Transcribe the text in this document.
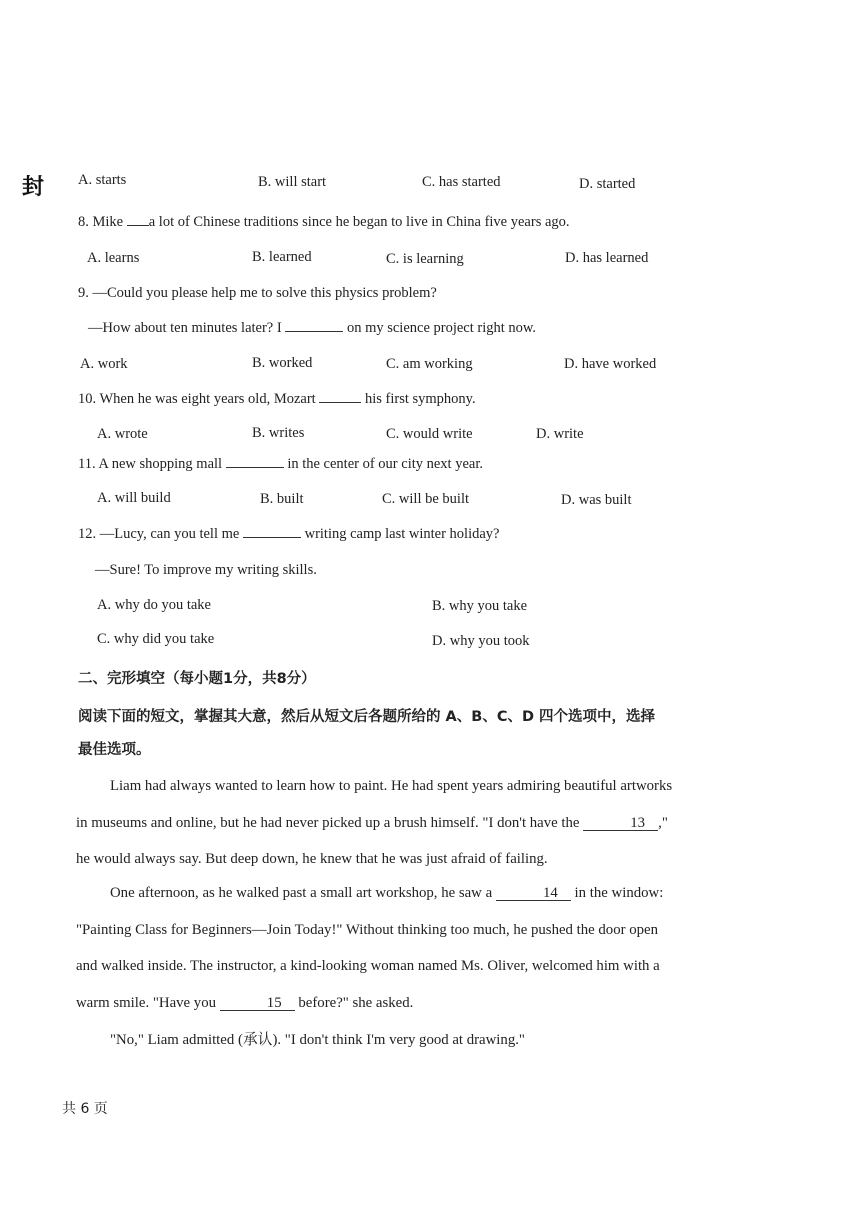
封 A. starts	B. will start	C. has started	D. started
8. Mike a lot of Chinese traditions since he began to live in China five years ago.
A. learns	B. learned	C. is learning	D. has learned
9. —Could you please help me to solve this physics problem?
—How about ten minutes later? I	on my science project right now.
A. work	B. worked	C. am working	D. have worked
10. When he was eight years old, Mozart	his first symphony.
A. wrote	B. writes	C. would write	D. write
11. A new shopping mall	in the center of our city next year.
A. will build	B. built	C. will be built	D. was built
12. —Lucy, can you tell me	writing camp last winter holiday?
—Sure! To improve my writing skills.
A. why do you take	B. why you take
C. why did you take	D. why you took
二、完形填空（每小题1分，共8分）
阅读下面的短文，掌握其大意，然后从短文后各题所给的 A、B、C、D 四个选项中，选择
最佳选项。
Liam had always wanted to learn how to paint. He had spent years admiring beautiful artworks in museums and online, but he had never picked up a brush himself. "I don't have the	13 ," he would always say. But deep down, he knew that he was just afraid of failing.
One afternoon, as he walked past a small art workshop, he saw a	14 in the window: "Painting Class for Beginners—Join Today!" Without thinking too much, he pushed the door open and walked inside. The instructor, a kind-looking woman named Ms. Oliver, welcomed him with a warm smile. "Have you	15 before?" she asked.
"No," Liam admitted (承认). "I don't think I'm very good at drawing."
共 6 页
